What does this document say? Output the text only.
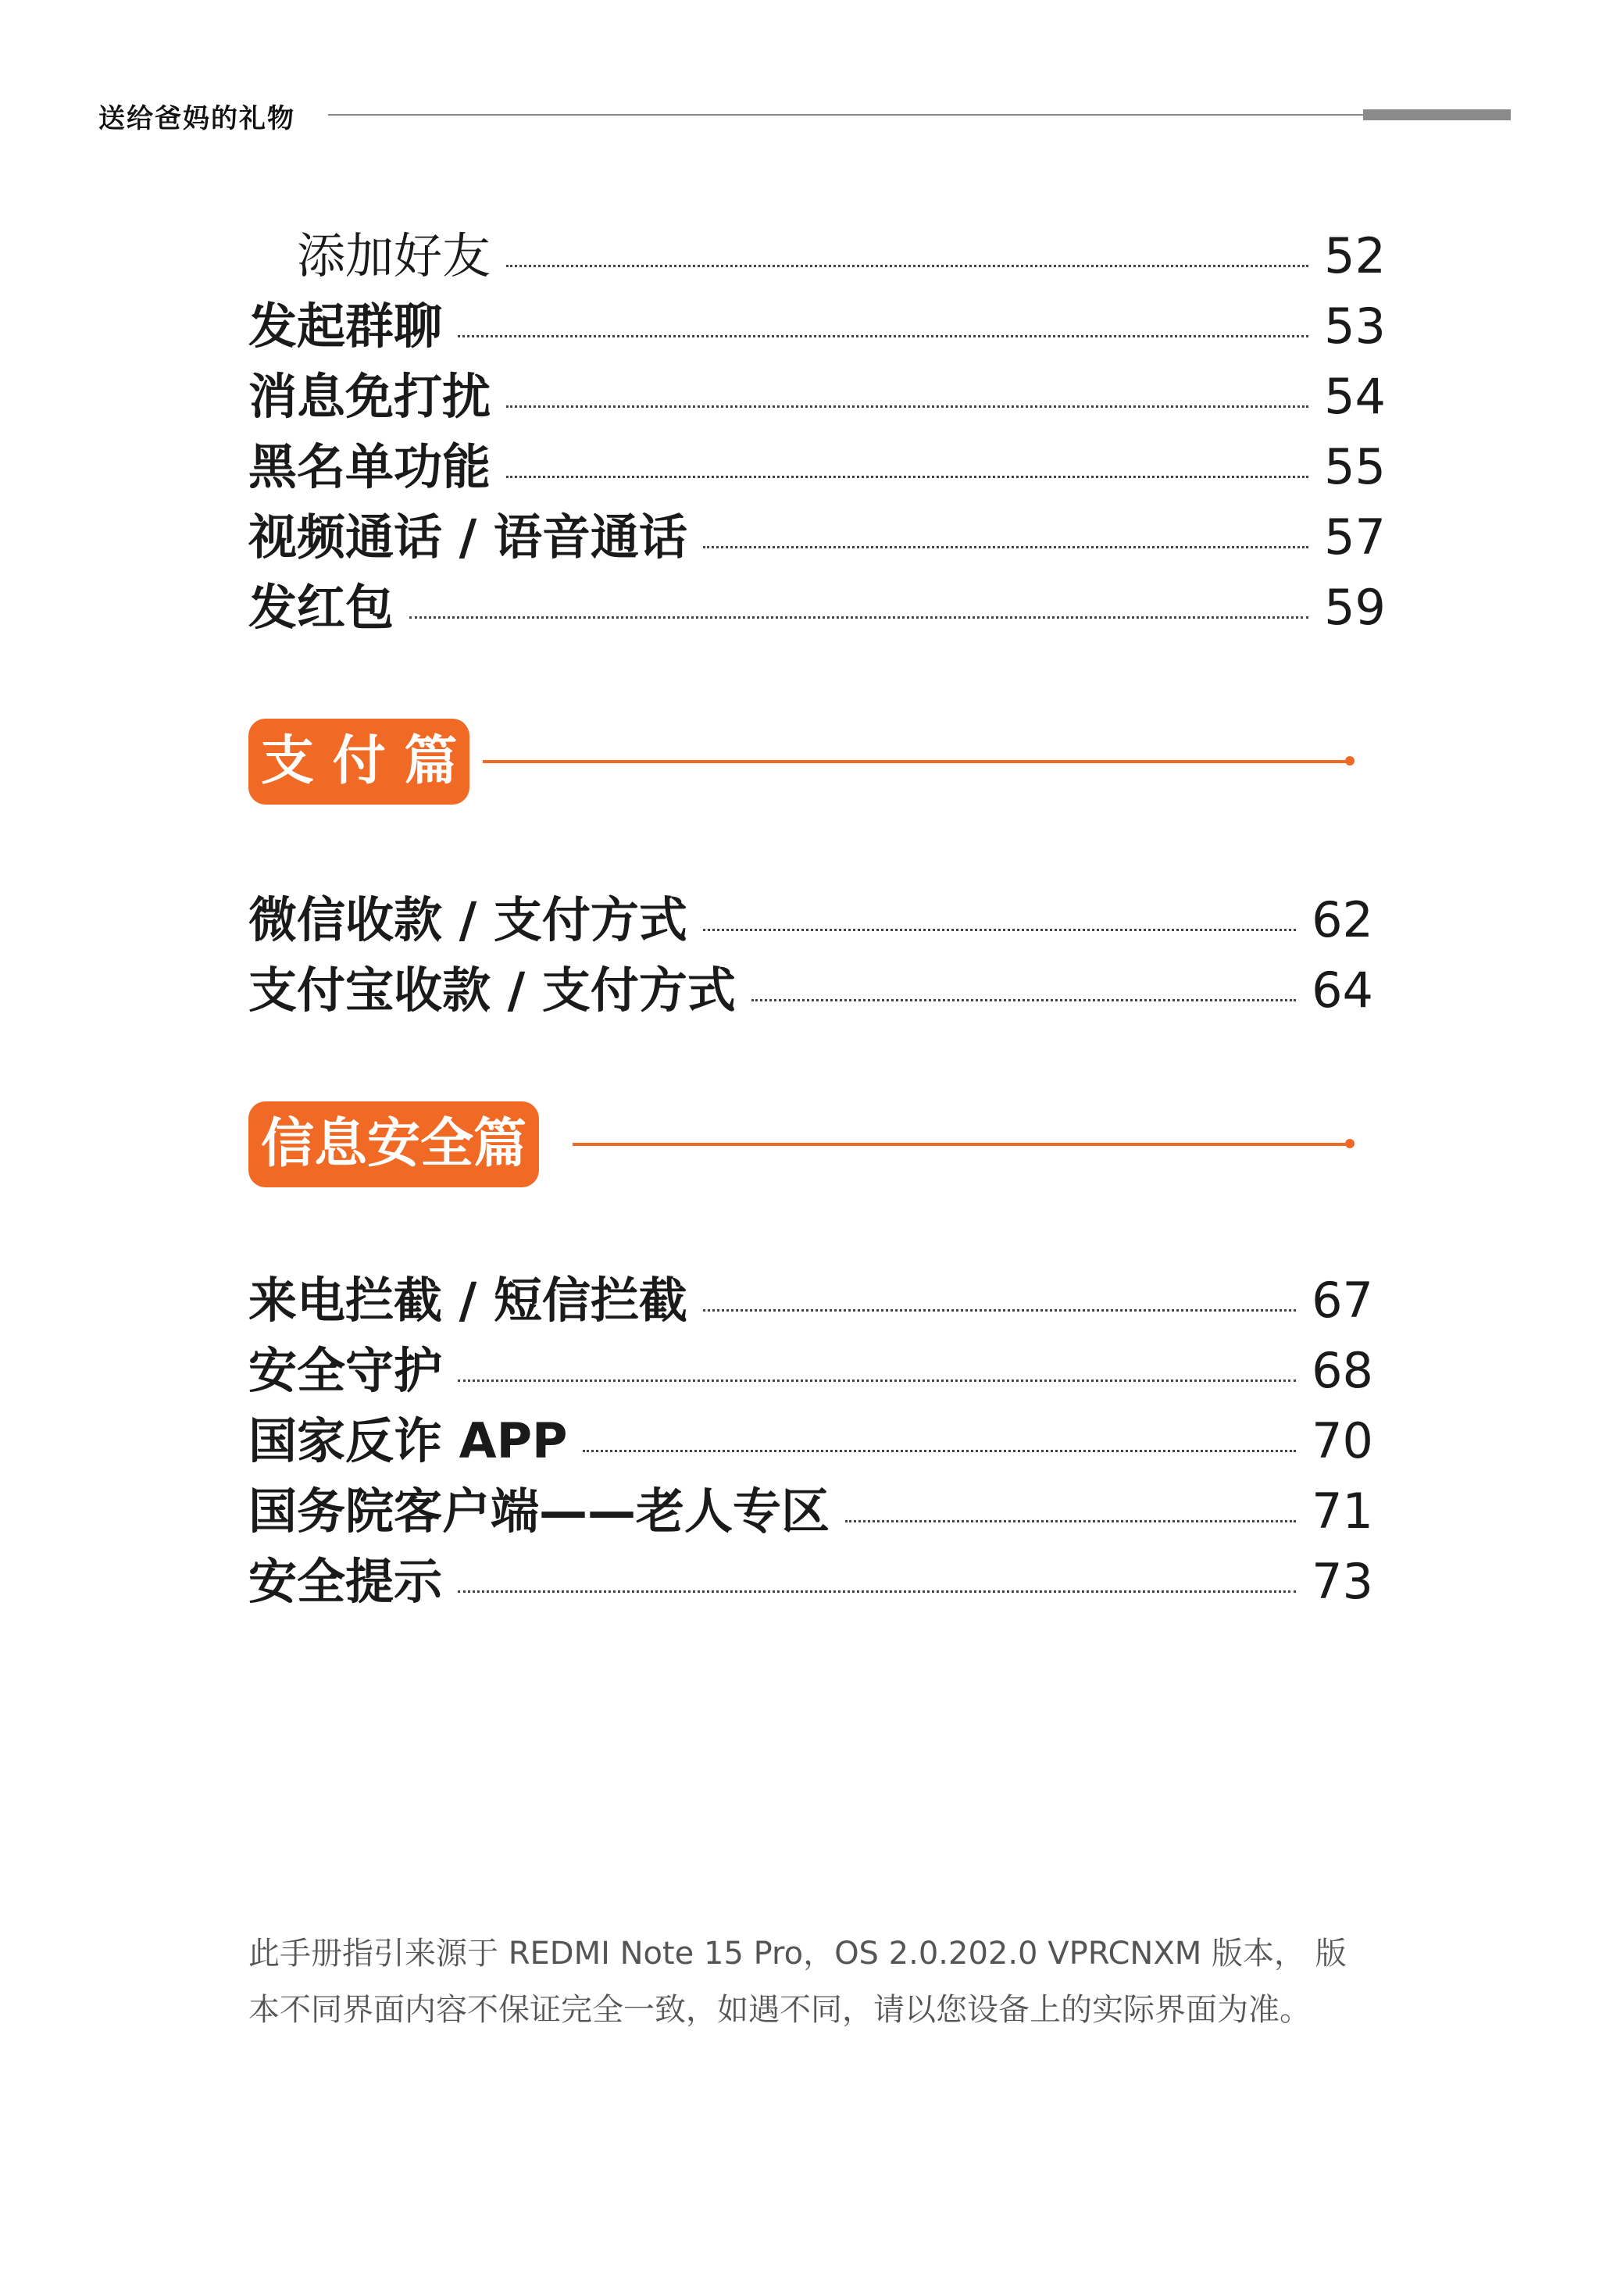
送给爸妈的礼物
添加好友	52
发起群聊	53
消息免打扰	54
黑名单功能	55
视频通话 / 语音通话	57
发红包	59
支 付 篇
微信收款 / 支付方式	62
支付宝收款 / 支付方式	64
信息安全篇
来电拦截 / 短信拦截	67
安全守护	68
国家反诈 APP	70
国务院客户端——老人专区	71
安全提示	73
此手册指引来源于 REDMI Note 15 Pro，OS 2.0.202.0 VPRCNXM 版本， 版本不同界面内容不保证完全一致，如遇不同，请以您设备上的实际界面为准。
